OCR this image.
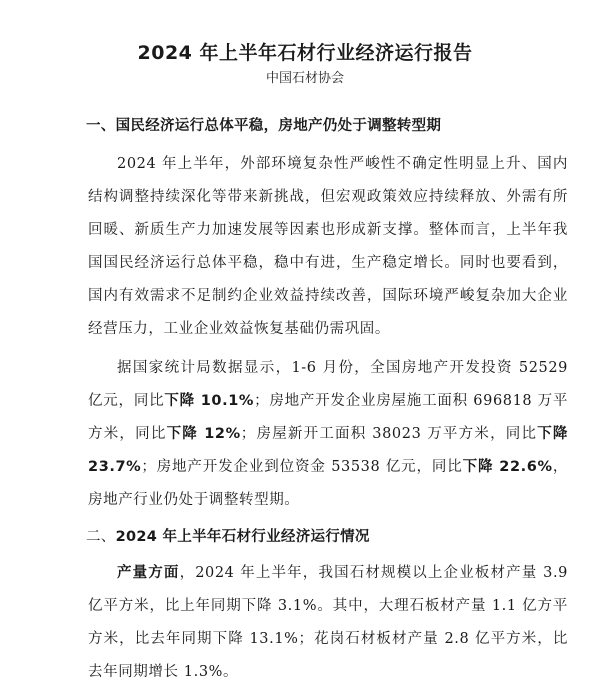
2024 年上半年石材行业经济运行报告
中国石材协会
一、国民经济运行总体平稳，房地产仍处于调整转型期

2024 年上半年，外部环境复杂性严峻性不确定性明显上升、国内结构调整持续深化等带来新挑战，但宏观政策效应持续释放、外需有所回暖、新质生产力加速发展等因素也形成新支撑。整体而言，上半年我国国民经济运行总体平稳，稳中有进，生产稳定增长。同时也要看到，国内有效需求不足制约企业效益持续改善，国际环境严峻复杂加大企业经营压力，工业企业效益恢复基础仍需巩固。

据国家统计局数据显示，1-6 月份，全国房地产开发投资 52529 亿元，同比下降 10.1%；房地产开发企业房屋施工面积 696818 万平方米，同比下降 12%；房屋新开工面积 38023 万平方米，同比下降 23.7%；房地产开发企业到位资金 53538 亿元，同比下降 22.6%，房地产行业仍处于调整转型期。

二、2024 年上半年石材行业经济运行情况

产量方面，2024 年上半年，我国石材规模以上企业板材产量 3.9 亿平方米，比上年同期下降 3.1%。其中，大理石板材产量 1.1 亿方平方米，比去年同期下降 13.1%；花岗石材板材产量 2.8 亿平方米，比去年同期增长 1.3%。
